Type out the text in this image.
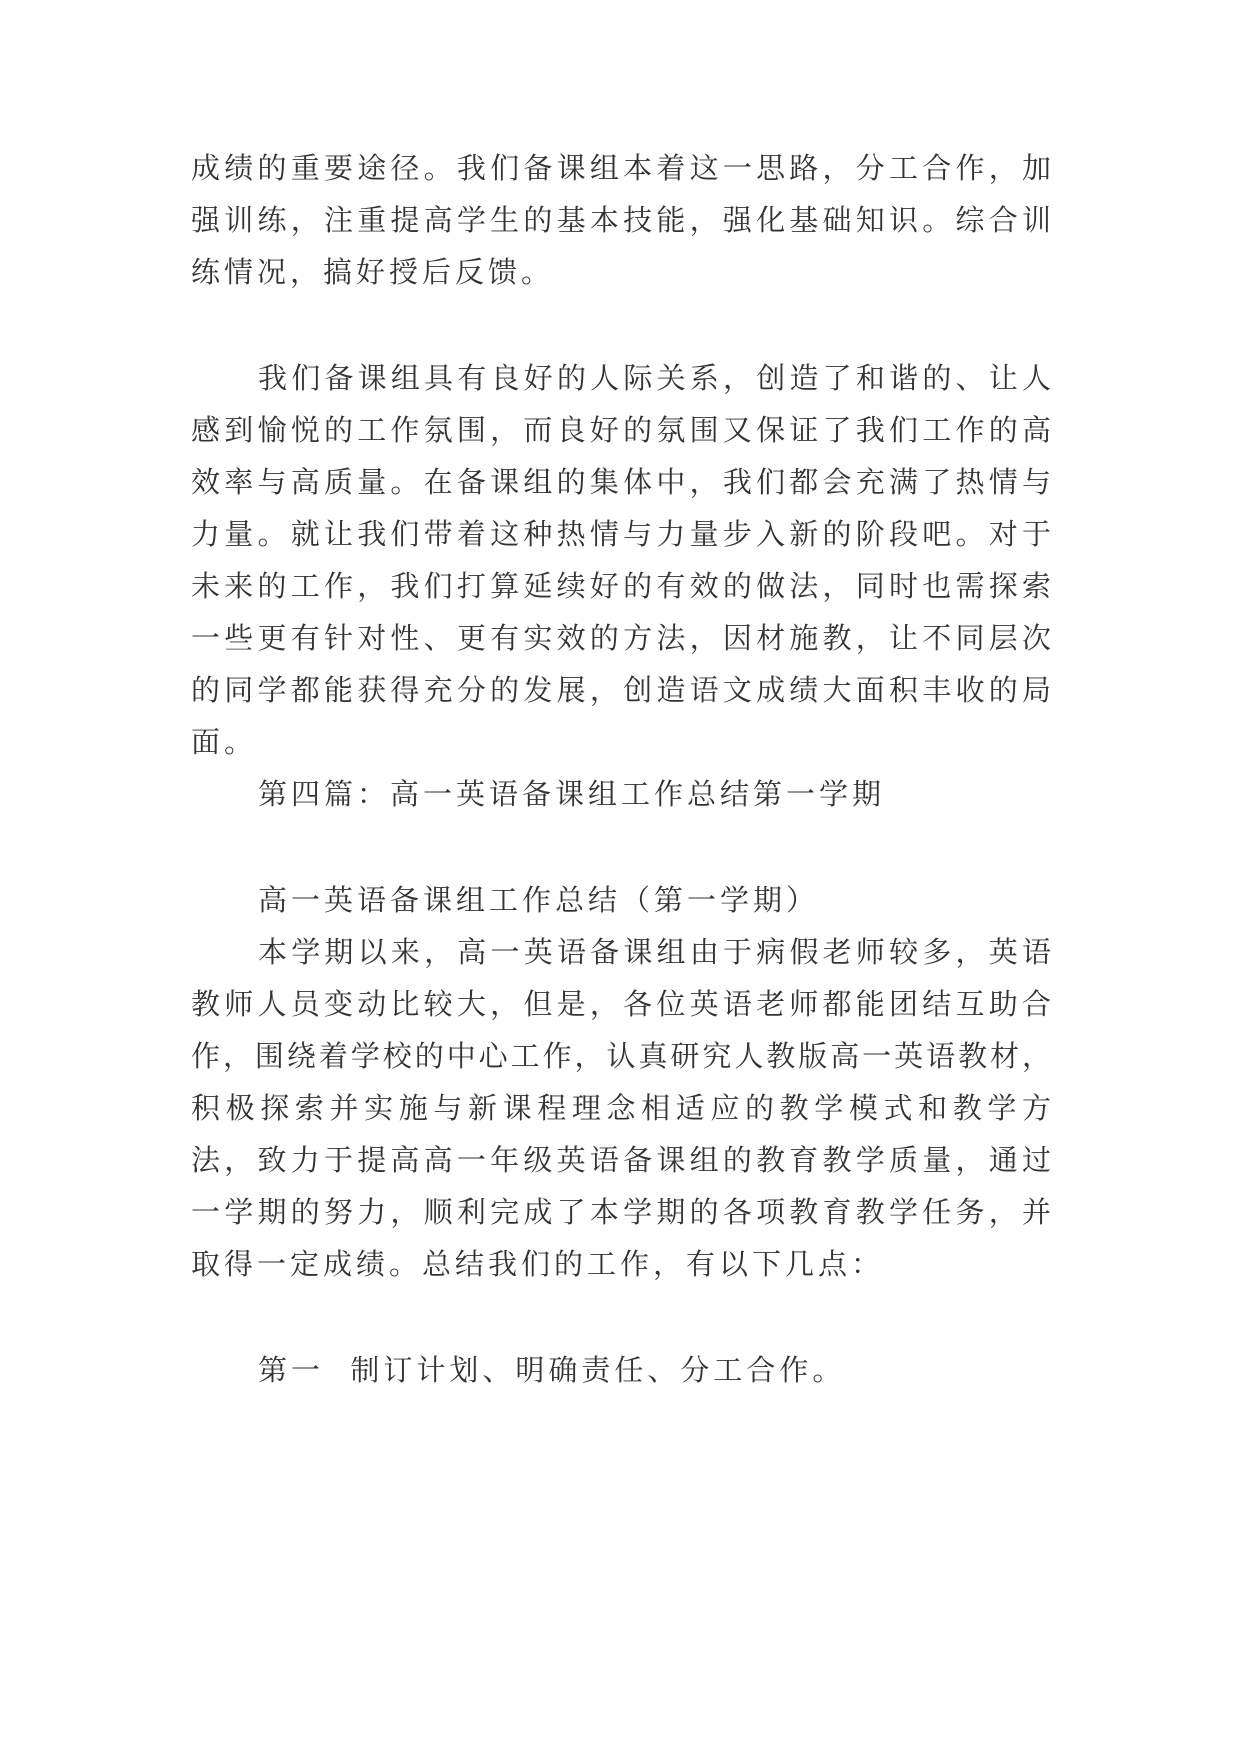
成绩的重要途径。我们备课组本着这一思路，分工合作，加
强训练，注重提高学生的基本技能，强化基础知识。综合训
练情况，搞好授后反馈。
我们备课组具有良好的人际关系，创造了和谐的、让人
感到愉悦的工作氛围，而良好的氛围又保证了我们工作的高
效率与高质量。在备课组的集体中，我们都会充满了热情与
力量。就让我们带着这种热情与力量步入新的阶段吧。对于
未来的工作，我们打算延续好的有效的做法，同时也需探索
一些更有针对性、更有实效的方法，因材施教，让不同层次
的同学都能获得充分的发展，创造语文成绩大面积丰收的局
面。
第四篇：高一英语备课组工作总结第一学期
高一英语备课组工作总结（第一学期）
本学期以来，高一英语备课组由于病假老师较多，英语
教师人员变动比较大，但是，各位英语老师都能团结互助合
作，围绕着学校的中心工作，认真研究人教版高一英语教材，
积极探索并实施与新课程理念相适应的教学模式和教学方
法，致力于提高高一年级英语备课组的教育教学质量，通过
一学期的努力，顺利完成了本学期的各项教育教学任务，并
取得一定成绩。总结我们的工作，有以下几点：
第一  制订计划、明确责任、分工合作。
